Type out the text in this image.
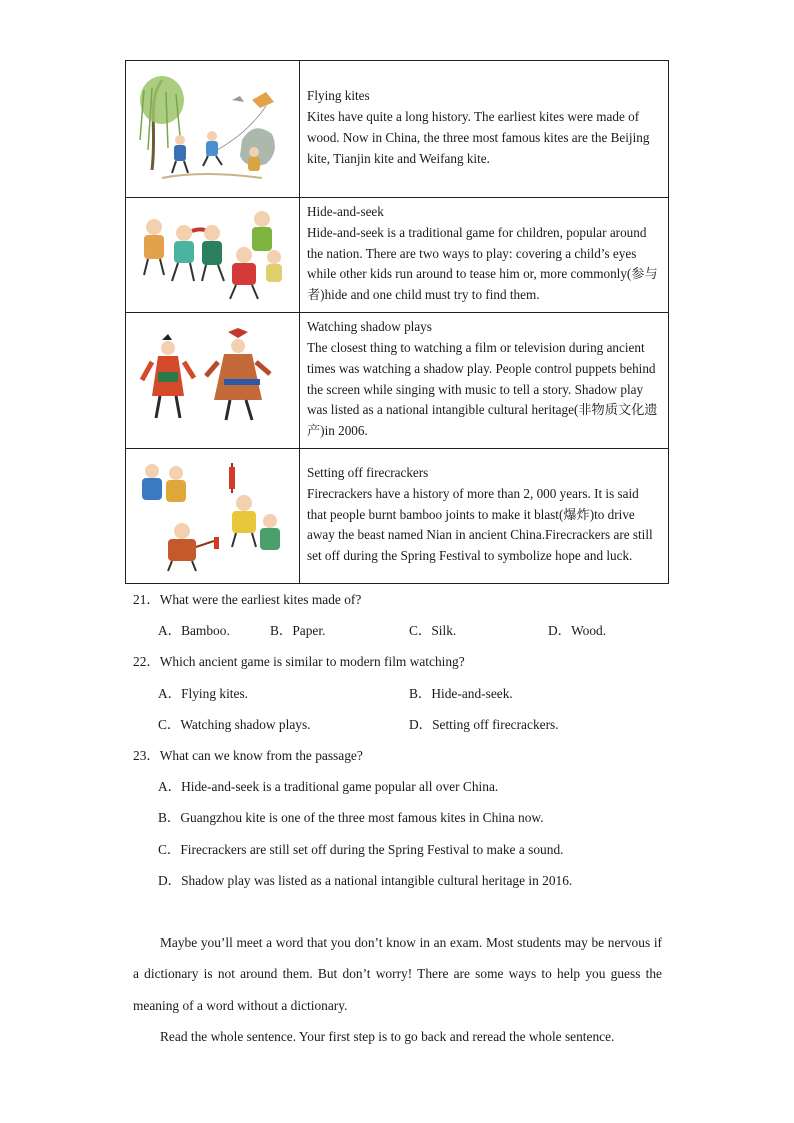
Flying kites
Kites have quite a long history. The earliest kites were made of wood. Now in China, the three most famous kites are the Beijing kite, Tianjin kite and Weifang kite.

Hide-and-seek
Hide-and-seek is a traditional game for children, popular around the nation. There are two ways to play: covering a child’s eyes while other kids run around to tease him or, more commonly(参与者)hide and one child must try to find them.

Watching shadow plays
The closest thing to watching a film or television during ancient times was watching a shadow play. People control puppets behind the screen while singing with music to tell a story. Shadow play was listed as a national intangible cultural heritage(非物质文化遗产)in 2006.

Setting off firecrackers
Firecrackers have a history of more than 2, 000 years. It is said that people burnt bamboo joints to make it blast(爆炸)to drive away the beast named Nian in ancient China.Firecrackers are still set off during the Spring Festival to symbolize hope and luck.
21．What were the earliest kites made of?
A．Bamboo.	B．Paper.	C．Silk.	D．Wood.
22．Which ancient game is similar to modern film watching?
A．Flying kites.	B．Hide-and-seek.
C．Watching shadow plays.	D．Setting off firecrackers.
23．What can we know from the passage?
A．Hide-and-seek is a traditional game popular all over China.
B．Guangzhou kite is one of the three most famous kites in China now.
C．Firecrackers are still set off during the Spring Festival to make a sound.
D．Shadow play was listed as a national intangible cultural heritage in 2016.
Maybe you’ll meet a word that you don’t know in an exam. Most students may be nervous if a dictionary is not around them. But don’t worry! There are some ways to help you guess the meaning of a word without a dictionary.
Read the whole sentence. Your first step is to go back and reread the whole sentence.
